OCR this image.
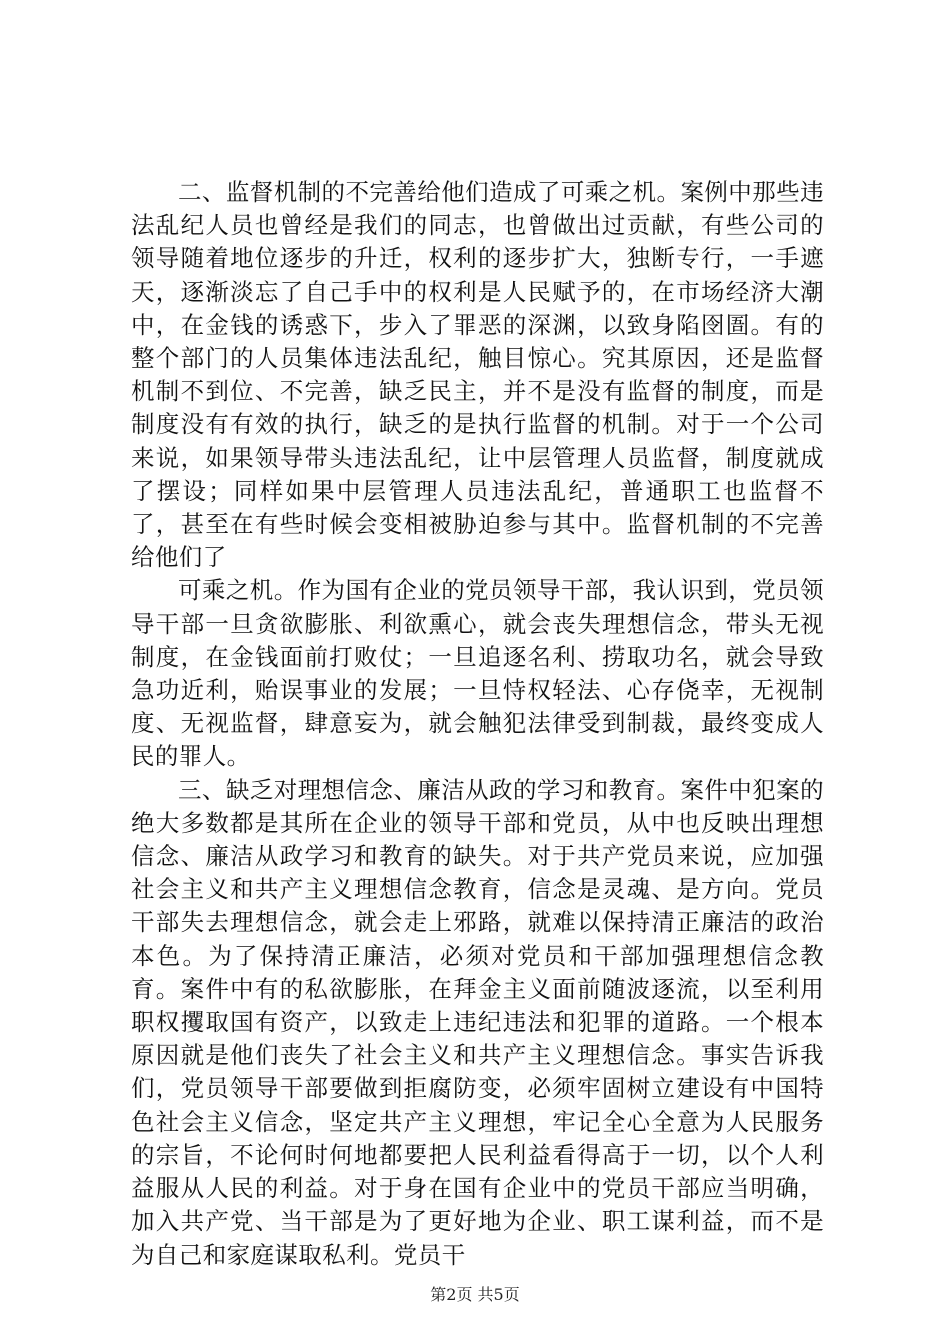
二、监督机制的不完善给他们造成了可乘之机。案例中那些违法乱纪人员也曾经是我们的同志，也曾做出过贡献，有些公司的领导随着地位逐步的升迁，权利的逐步扩大，独断专行，一手遮天，逐渐淡忘了自己手中的权利是人民赋予的，在市场经济大潮中，在金钱的诱惑下，步入了罪恶的深渊，以致身陷囹圄。有的整个部门的人员集体违法乱纪，触目惊心。究其原因，还是监督机制不到位、不完善，缺乏民主，并不是没有监督的制度，而是制度没有有效的执行，缺乏的是执行监督的机制。对于一个公司来说，如果领导带头违法乱纪，让中层管理人员监督，制度就成了摆设；同样如果中层管理人员违法乱纪，普通职工也监督不了，甚至在有些时候会变相被胁迫参与其中。监督机制的不完善给他们了

可乘之机。作为国有企业的党员领导干部，我认识到，党员领导干部一旦贪欲膨胀、利欲熏心，就会丧失理想信念，带头无视制度，在金钱面前打败仗；一旦追逐名利、捞取功名，就会导致急功近利，贻误事业的发展；一旦恃权轻法、心存侥幸，无视制度、无视监督，肆意妄为，就会触犯法律受到制裁，最终变成人民的罪人。

三、缺乏对理想信念、廉洁从政的学习和教育。案件中犯案的绝大多数都是其所在企业的领导干部和党员，从中也反映出理想信念、廉洁从政学习和教育的缺失。对于共产党员来说，应加强社会主义和共产主义理想信念教育，信念是灵魂、是方向。党员干部失去理想信念，就会走上邪路，就难以保持清正廉洁的政治本色。为了保持清正廉洁，必须对党员和干部加强理想信念教育。案件中有的私欲膨胀，在拜金主义面前随波逐流，以至利用职权攫取国有资产，以致走上违纪违法和犯罪的道路。一个根本原因就是他们丧失了社会主义和共产主义理想信念。事实告诉我们，党员领导干部要做到拒腐防变，必须牢固树立建设有中国特色社会主义信念，坚定共产主义理想，牢记全心全意为人民服务的宗旨，不论何时何地都要把人民利益看得高于一切，以个人利益服从人民的利益。对于身在国有企业中的党员干部应当明确，加入共产党、当干部是为了更好地为企业、职工谋利益，而不是为自己和家庭谋取私利。党员干

第2页 共5页
